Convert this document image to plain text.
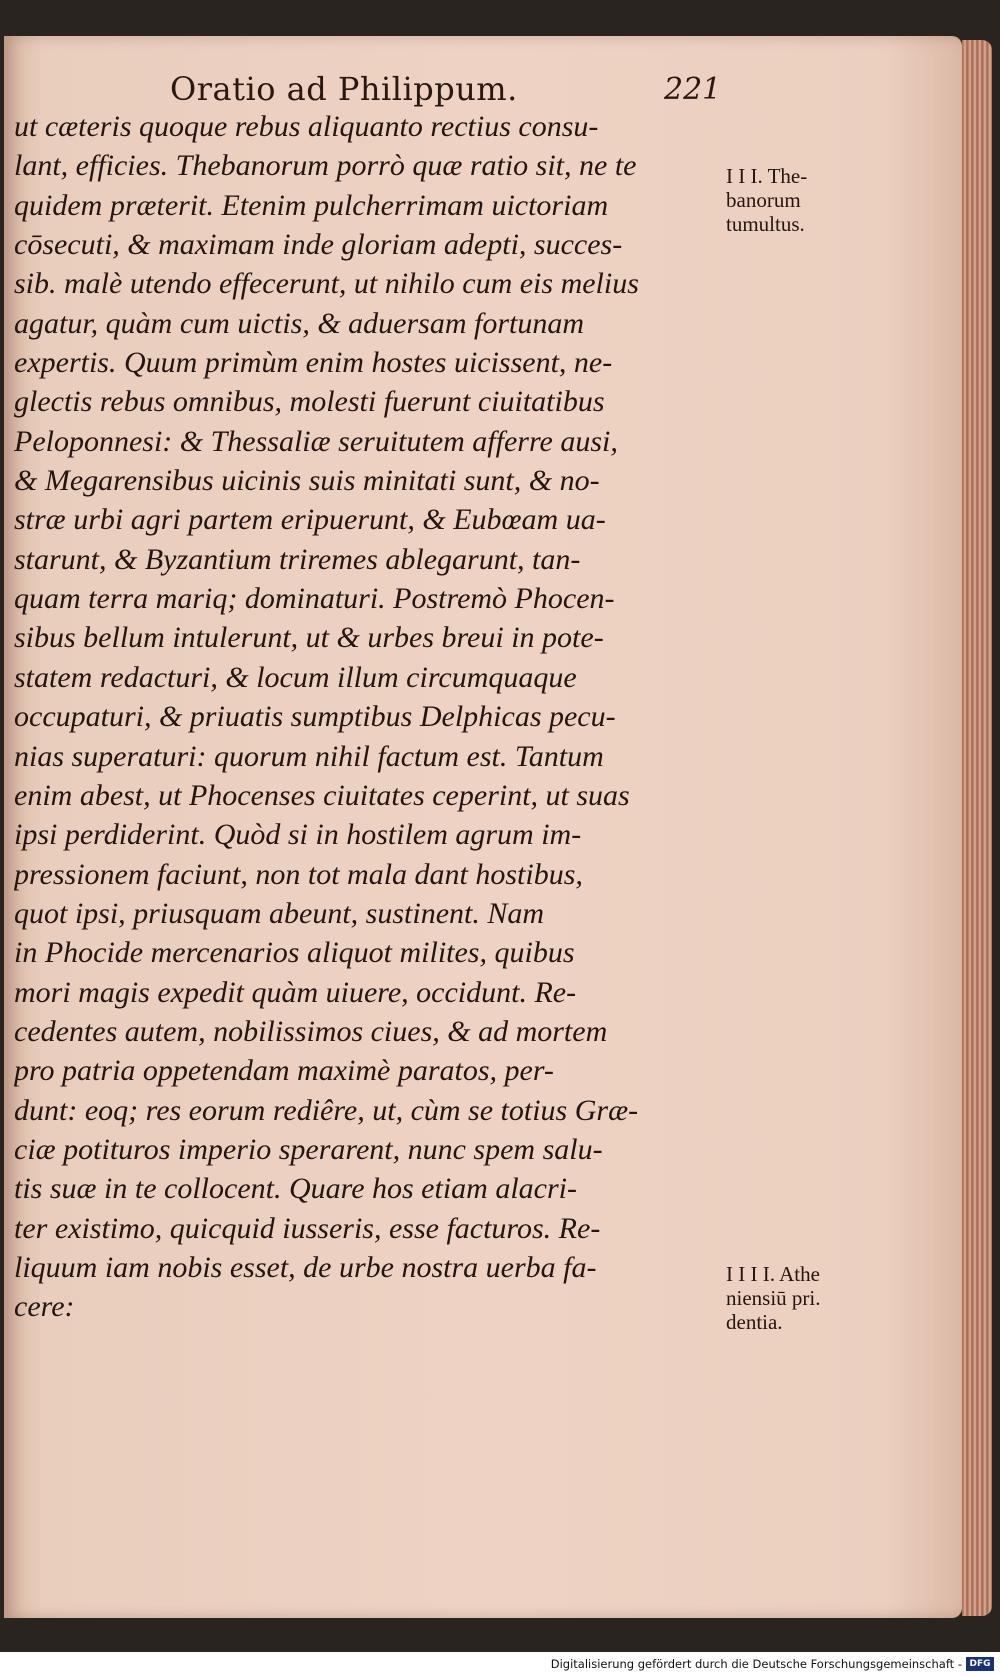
Oratio ad Philippum.	221
ut cæteris quoque rebus aliquanto rectius consu-
lant, efficies. Thebanorum porrò quæ ratio sit, ne te
quidem præterit. Etenim pulcherrimam uictoriam
cōsecuti, & maximam inde gloriam adepti, succes-
sib. malè utendo effecerunt, ut nihilo cum eis melius
agatur, quàm cum uictis, & aduersam fortunam
expertis. Quum primùm enim hostes uicissent, ne-
glectis rebus omnibus, molesti fuerunt ciuitatibus
Peloponnesi: & Thessaliæ seruitutem afferre ausi,
& Megarensibus uicinis suis minitati sunt, & no-
stræ urbi agri partem eripuerunt, & Eubœam ua-
starunt, & Byzantium triremes ablegarunt, tan-
quam terra mariq; dominaturi. Postremò Phocen-
sibus bellum intulerunt, ut & urbes breui in pote-
statem redacturi, & locum illum circumquaque
occupaturi, & priuatis sumptibus Delphicas pecu-
nias superaturi: quorum nihil factum est. Tantum
enim abest, ut Phocenses ciuitates ceperint, ut suas
ipsi perdiderint. Quòd si in hostilem agrum im-
pressionem faciunt, non tot mala dant hostibus,
quot ipsi, priusquam abeunt, sustinent. Nam
in Phocide mercenarios aliquot milites, quibus
mori magis expedit quàm uiuere, occidunt. Re-
cedentes autem, nobilissimos ciues, & ad mortem
pro patria oppetendam maximè paratos, per-
dunt: eoq; res eorum rediêre, ut, cùm se totius Græ-
ciæ potituros imperio sperarent, nunc spem salu-
tis suæ in te collocent. Quare hos etiam alacri-
ter existimo, quicquid iusseris, esse facturos. Re-
liquum iam nobis esset, de urbe nostra uerba fa-
cere:
I I I. The-
banorum
tumultus.
I I I I. Athe
niensiū pri.
dentia.
Digitalisierung gefördert durch die Deutsche Forschungsgemeinschaft - DFG
